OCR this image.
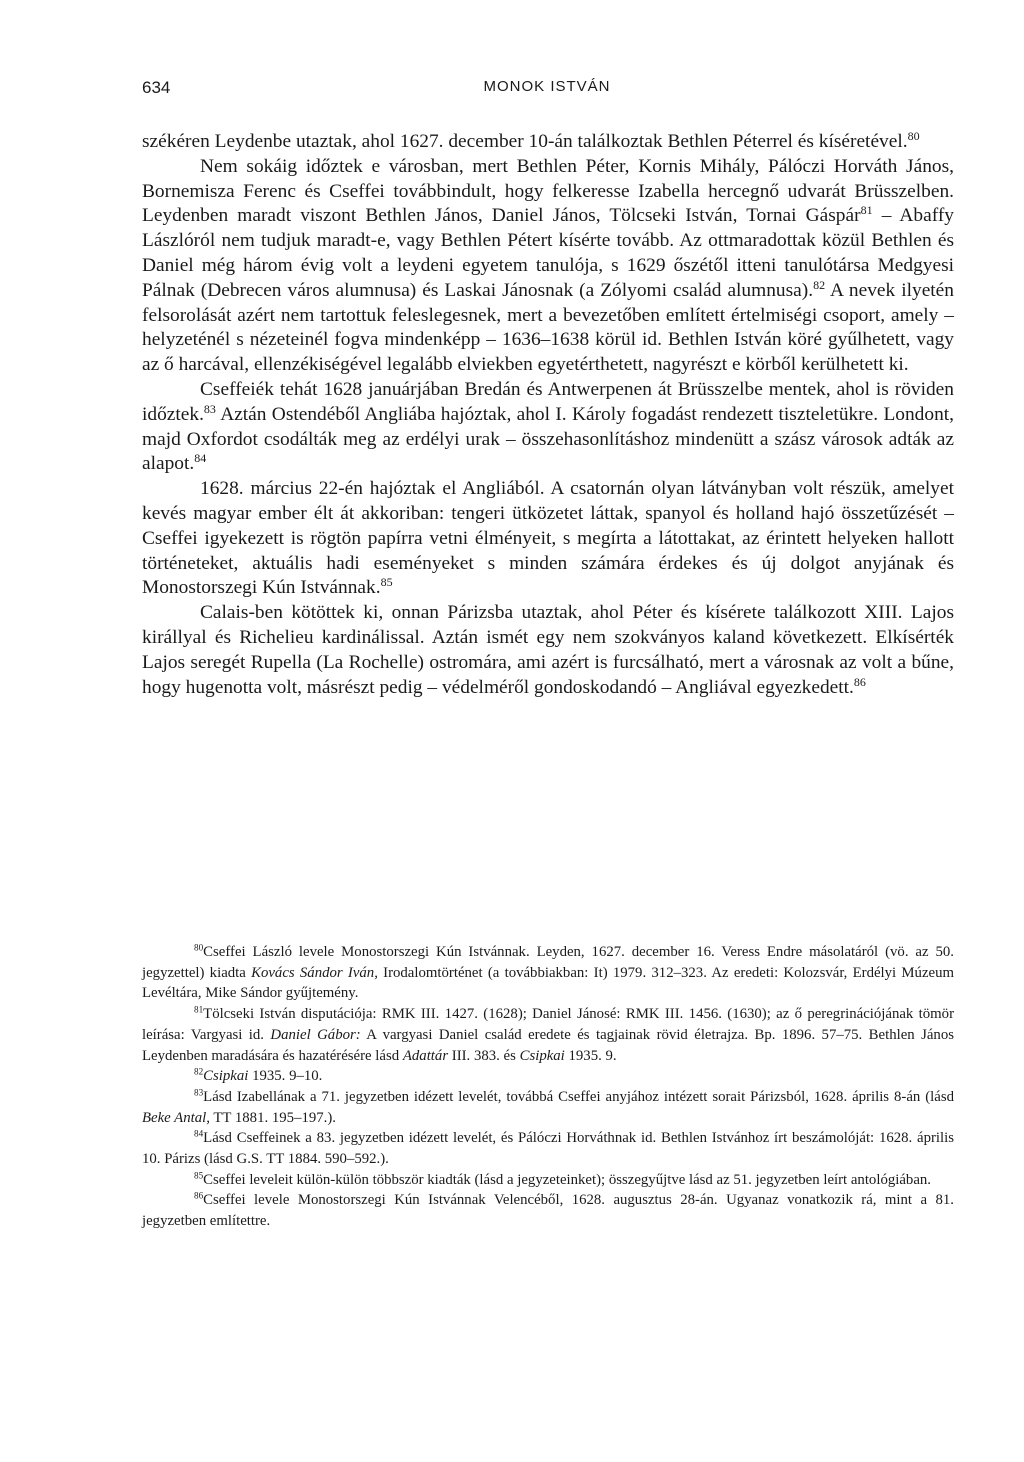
634	MONOK ISTVÁN

székéren Leydenbe utaztak, ahol 1627. december 10-án találkoztak Bethlen Péterrel és kíséretével.$^{80}$

Nem sokáig időztek e városban, mert Bethlen Péter, Kornis Mihály, Pálóczi Horváth János, Bornemisza Ferenc és Cseffei továbbindult, hogy felkeresse Izabella hercegnő udvarát Brüsszelben. Leydenben maradt viszont Bethlen János, Daniel János, Tölcseki István, Tornai Gáspár$^{81}$ – Abaffy Lászlóról nem tudjuk maradt-e, vagy Bethlen Pétert kísérte tovább. Az ottmaradottak közül Bethlen és Daniel még három évig volt a leydeni egyetem tanulója, s 1629 őszétől itteni tanulótársa Medgyesi Pálnak (Debrecen város alumnusa) és Laskai Jánosnak (a Zólyomi család alumnusa).$^{82}$ A nevek ilyetén felsorolását azért nem tartottuk feleslegesnek, mert a bevezetőben említett értelmiségi csoport, amely – helyzeténél s nézeteinél fogva mindenképp – 1636–1638 körül id. Bethlen István köré gyűlhetett, vagy az ő harcával, ellenzékiségével legalább elviekben egyetérthetett, nagyrészt e körből kerülhetett ki.

Cseffeiék tehát 1628 januárjában Bredán és Antwerpenen át Brüsszelbe mentek, ahol is röviden időztek.$^{83}$ Aztán Ostendéből Angliába hajóztak, ahol I. Károly fogadást rendezett tiszteletükre. Londont, majd Oxfordot csodálták meg az erdélyi urak – összehasonlításhoz mindenütt a szász városok adták az alapot.$^{84}$

1628. március 22-én hajóztak el Angliából. A csatornán olyan látványban volt részük, amelyet kevés magyar ember élt át akkoriban: tengeri ütközetet láttak, spanyol és holland hajó összetűzését – Cseffei igyekezett is rögtön papírra vetni élményeit, s megírta a látottakat, az érintett helyeken hallott történeteket, aktuális hadi eseményeket s minden számára érdekes és új dolgot anyjának és Monostorszegi Kún Istvánnak.$^{85}$

Calais-ben kötöttek ki, onnan Párizsba utaztak, ahol Péter és kísérete találkozott XIII. Lajos királlyal és Richelieu kardinálissal. Aztán ismét egy nem szokványos kaland következett. Elkísérték Lajos seregét Rupella (La Rochelle) ostromára, ami azért is furcsálható, mert a városnak az volt a bűne, hogy hugenotta volt, másrészt pedig – védelméről gondoskodandó – Angliával egyezkedett.$^{86}$

$^{80}$Cseffei László levele Monostorszegi Kún Istvánnak. Leyden, 1627. december 16. Veress Endre másolatáról (vö. az 50. jegyzettel) kiadta Kovács Sándor Iván, Irodalomtörténet (a továbbiakban: It) 1979. 312–323. Az eredeti: Kolozsvár, Erdélyi Múzeum Levéltára, Mike Sándor gyűjtemény.

$^{81}$Tölcseki István disputációja: RMK III. 1427. (1628); Daniel Jánosé: RMK III. 1456. (1630); az ő peregrinációjának tömör leírása: Vargyasi id. Daniel Gábor: A vargyasi Daniel család eredete és tagjainak rövid életrajza. Bp. 1896. 57–75. Bethlen János Leydenben maradására és hazatérésére lásd Adattár III. 383. és Csipkai 1935. 9.

$^{82}$Csipkai 1935. 9–10.

$^{83}$Lásd Izabellának a 71. jegyzetben idézett levelét, továbbá Cseffei anyjához intézett sorait Párizsból, 1628. április 8-án (lásd Beke Antal, TT 1881. 195–197.).

$^{84}$Lásd Cseffeinek a 83. jegyzetben idézett levelét, és Pálóczi Horváthnak id. Bethlen Istvánhoz írt beszámolóját: 1628. április 10. Párizs (lásd G.S. TT 1884. 590–592.).

$^{85}$Cseffei leveleit külön-külön többször kiadták (lásd a jegyzeteinket); összegyűjtve lásd az 51. jegyzetben leírt antológiában.

$^{86}$Cseffei levele Monostorszegi Kún Istvánnak Velencéből, 1628. augusztus 28-án. Ugyanaz vonatkozik rá, mint a 81. jegyzetben említettre.
